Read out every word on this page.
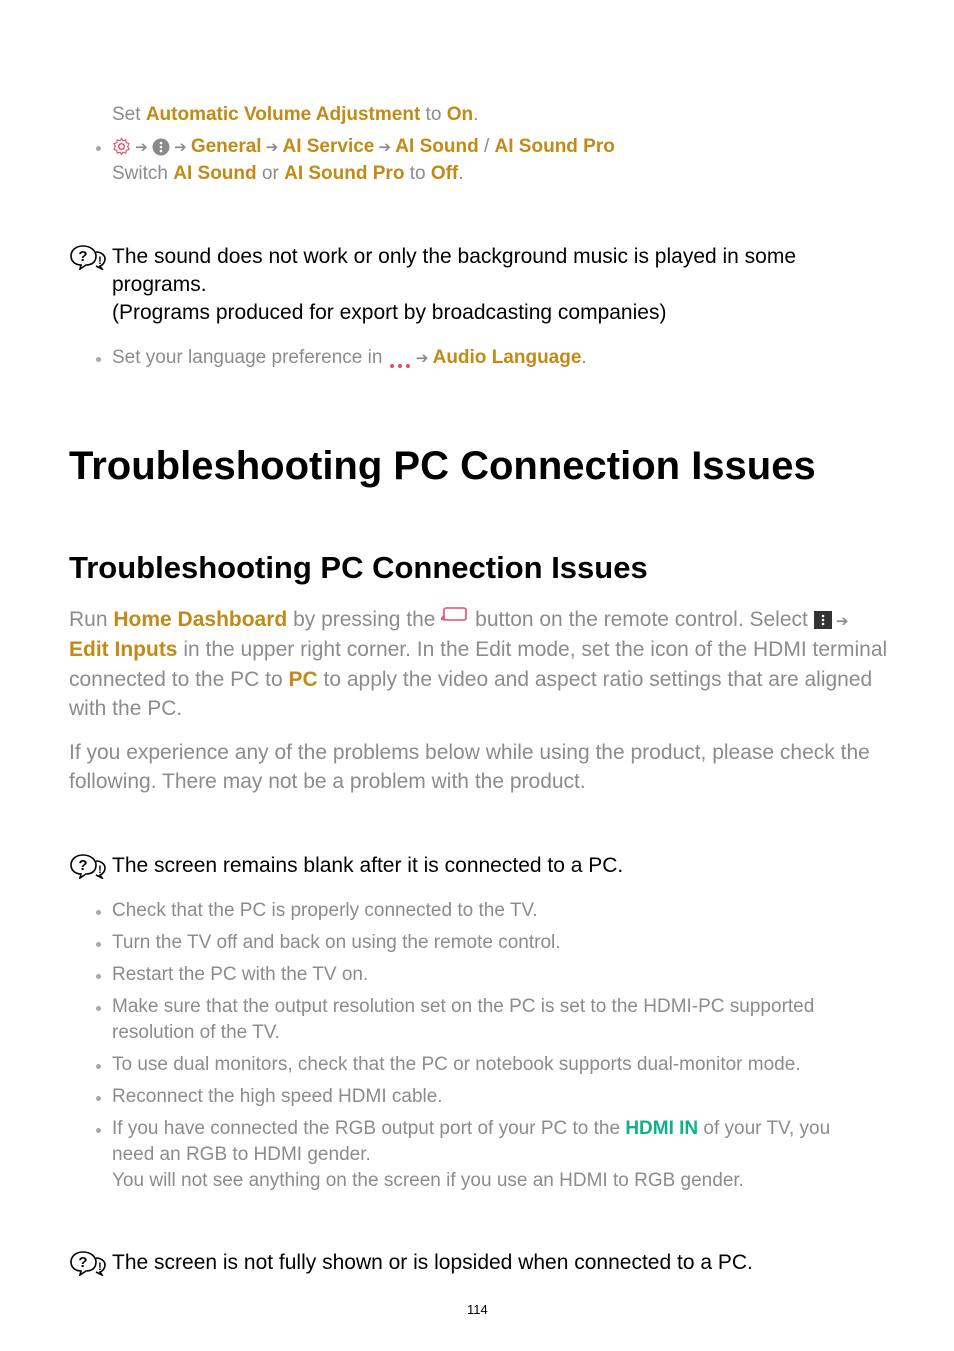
Set Automatic Volume Adjustment to On.
➔  ➔ General ➔ AI Service ➔ AI Sound / AI Sound Pro
Switch AI Sound or AI Sound Pro to Off.
? ! The sound does not work or only the background music is played in some
programs.
(Programs produced for export by broadcasting companies)
Set your language preference in  ➔ Audio Language.
Troubleshooting PC Connection Issues
Troubleshooting PC Connection Issues
Run Home Dashboard by pressing the  button on the remote control. Select  ➔
Edit Inputs in the upper right corner. In the Edit mode, set the icon of the HDMI terminal
connected to the PC to PC to apply the video and aspect ratio settings that are aligned
with the PC.
If you experience any of the problems below while using the product, please check the
following. There may not be a problem with the product.
? ! The screen remains blank after it is connected to a PC.
Check that the PC is properly connected to the TV.
Turn the TV off and back on using the remote control.
Restart the PC with the TV on.
Make sure that the output resolution set on the PC is set to the HDMI-PC supported
resolution of the TV.
To use dual monitors, check that the PC or notebook supports dual-monitor mode.
Reconnect the high speed HDMI cable.
If you have connected the RGB output port of your PC to the HDMI IN of your TV, you
need an RGB to HDMI gender.
You will not see anything on the screen if you use an HDMI to RGB gender.
? ! The screen is not fully shown or is lopsided when connected to a PC.
114
